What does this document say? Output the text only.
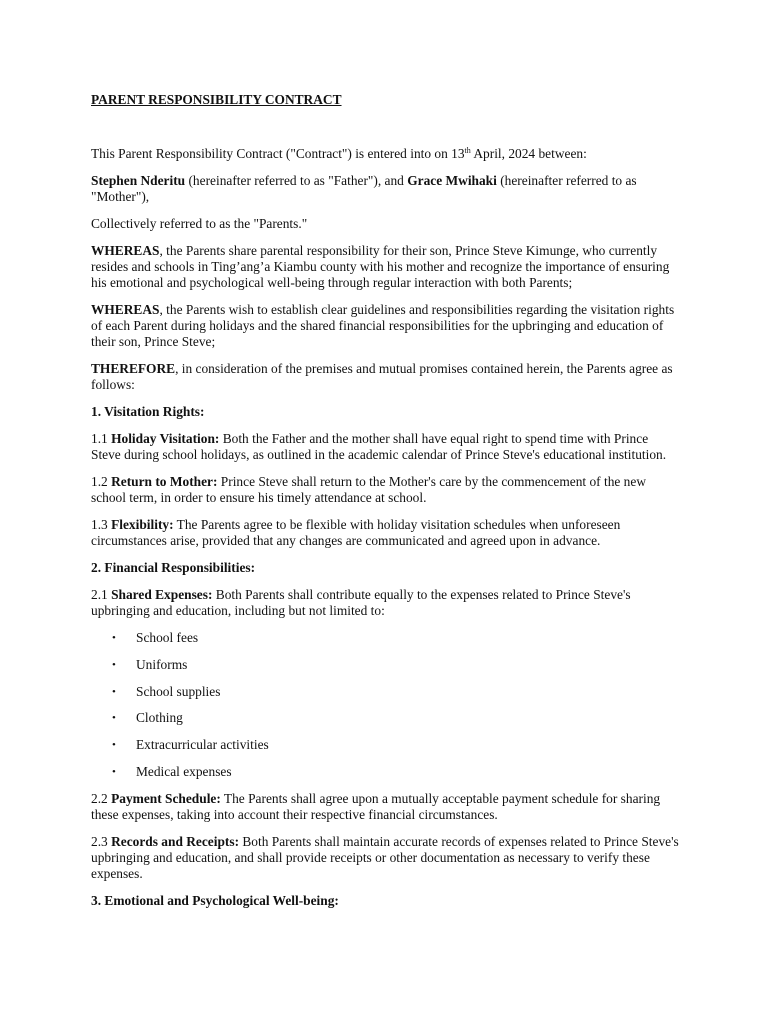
PARENT RESPONSIBILITY CONTRACT

This Parent Responsibility Contract ("Contract") is entered into on 13th April, 2024 between:

Stephen Nderitu (hereinafter referred to as "Father"), and Grace Mwihaki (hereinafter referred to as "Mother"),

Collectively referred to as the "Parents."

WHEREAS, the Parents share parental responsibility for their son, Prince Steve Kimunge, who currently resides and schools in Ting’ang’a Kiambu county with his mother and recognize the importance of ensuring his emotional and psychological well-being through regular interaction with both Parents;

WHEREAS, the Parents wish to establish clear guidelines and responsibilities regarding the visitation rights of each Parent during holidays and the shared financial responsibilities for the upbringing and education of their son, Prince Steve;

THEREFORE, in consideration of the premises and mutual promises contained herein, the Parents agree as follows:

1. Visitation Rights:

1.1 Holiday Visitation: Both the Father and the mother shall have equal right to spend time with Prince Steve during school holidays, as outlined in the academic calendar of Prince Steve's educational institution.

1.2 Return to Mother: Prince Steve shall return to the Mother's care by the commencement of the new school term, in order to ensure his timely attendance at school.

1.3 Flexibility: The Parents agree to be flexible with holiday visitation schedules when unforeseen circumstances arise, provided that any changes are communicated and agreed upon in advance.

2. Financial Responsibilities:

2.1 Shared Expenses: Both Parents shall contribute equally to the expenses related to Prince Steve's upbringing and education, including but not limited to:

• School fees
• Uniforms
• School supplies
• Clothing
• Extracurricular activities
• Medical expenses

2.2 Payment Schedule: The Parents shall agree upon a mutually acceptable payment schedule for sharing these expenses, taking into account their respective financial circumstances.

2.3 Records and Receipts: Both Parents shall maintain accurate records of expenses related to Prince Steve's upbringing and education, and shall provide receipts or other documentation as necessary to verify these expenses.

3. Emotional and Psychological Well-being:
